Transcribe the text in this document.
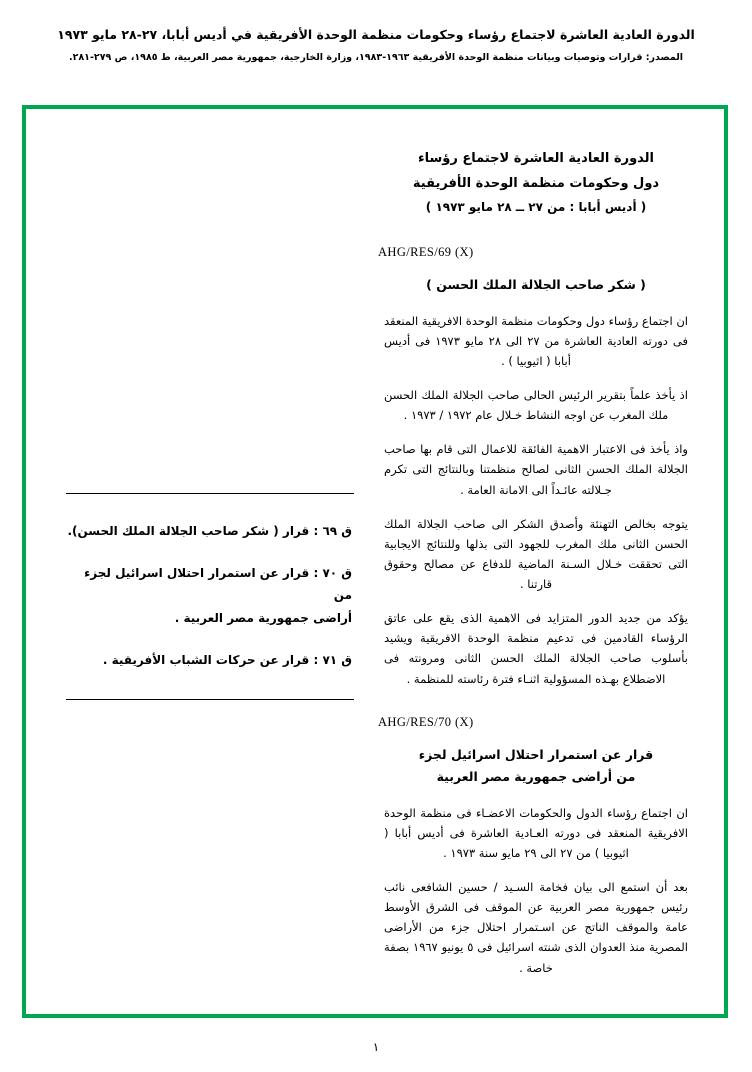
الدورة العادية العاشرة لاجتماع رؤساء وحكومات منظمة الوحدة الأفريقية في أديس أبابا، ٢٧-٢٨ مايو ١٩٧٣
المصدر: قرارات وتوصيات وبيانات منظمة الوحدة الأفريقية ١٩٦٣-١٩٨٣، وزارة الخارجية، جمهورية مصر العربية، ط ١٩٨٥، ص ٢٧٩-٢٨١.
الدورة العادية العاشرة لاجتماع رؤساء
دول وحكومات منظمة الوحدة الأفريقية
( أديس أبابا : من ٢٧ ــ ٢٨ مايو ١٩٧٣ )
AHG/RES/69 (X)
( شكر صاحب الجلالة الملك الحسن )

ان اجتماع رؤساء دول وحكومات منظمة الوحدة الافريقية المنعقد فى دورته العادية العاشرة من ٢٧ الى ٢٨ مايو ١٩٧٣ فى أديس أبابا ( اثيوبيا ) .

اذ يأخذ علماً بتقرير الرئيس الحالى صاحب الجلالة الملك الحسن ملك المغرب عن اوجه النشاط خـلال عام ١٩٧٢ / ١٩٧٣ .

واذ يأخذ فى الاعتبار الاهمية الفائقة للاعمال التى قام بها صاحب الجلالة الملك الحسن الثانى لصالح منظمتنا وبالنتائج التى تكرم جـلالته عائـداً الى الامانة العامة .

يتوجه بخالص التهنئة وأصدق الشكر الى صاحب الجلالة الملك الحسن الثانى ملك المغرب للجهود التى بذلها وللنتائج الايجابية التى تحققت خـلال السـنة الماضية للدفاع عن مصالح وحقوق قارتنا .

يؤكد من جديد الدور المتزايد فى الاهمية الذى يقع على عاتق الرؤساء القادمين فى تدعيم منظمة الوحدة الافريقية ويشيد بأسلوب صاحب الجلالة الملك الحسن الثانى ومرونته فى الاضطلاع بهـذه المسؤولية اثنـاء فترة رئاسته للمنظمة .

AHG/RES/70 (X)
قرار عن استمرار احتلال اسرائيل لجزء
من أراضى جمهورية مصر العربية

ان اجتماع رؤساء الدول والحكومات الاعضـاء فى منظمة الوحدة الافريقية المنعقد فى دورته العـادية العاشرة فى أديس أبابا ( اثيوبيا ) من ٢٧ الى ٢٩ مايو سنة ١٩٧٣ .

بعد أن استمع الى بيان فخامة السـيد / حسين الشافعى نائب رئيس جمهورية مصر العربية عن الموقف فى الشرق الأوسط عامة والموقف الناتج عن اسـتمرار احتلال جزء من الأراضى المصرية منذ العدوان الذى شنته اسرائيل فى ٥ يونيو ١٩٦٧ بصفة خاصة .

ق ٦٩ : قرار ( شكر صاحب الجلالة الملك الحسن).
ق ٧٠ : قرار عن استمرار احتلال اسرائيل لجزء من
أراضى جمهورية مصر العربية .
ق ٧١ : قرار عن حركات الشباب الأفريقية .
١
